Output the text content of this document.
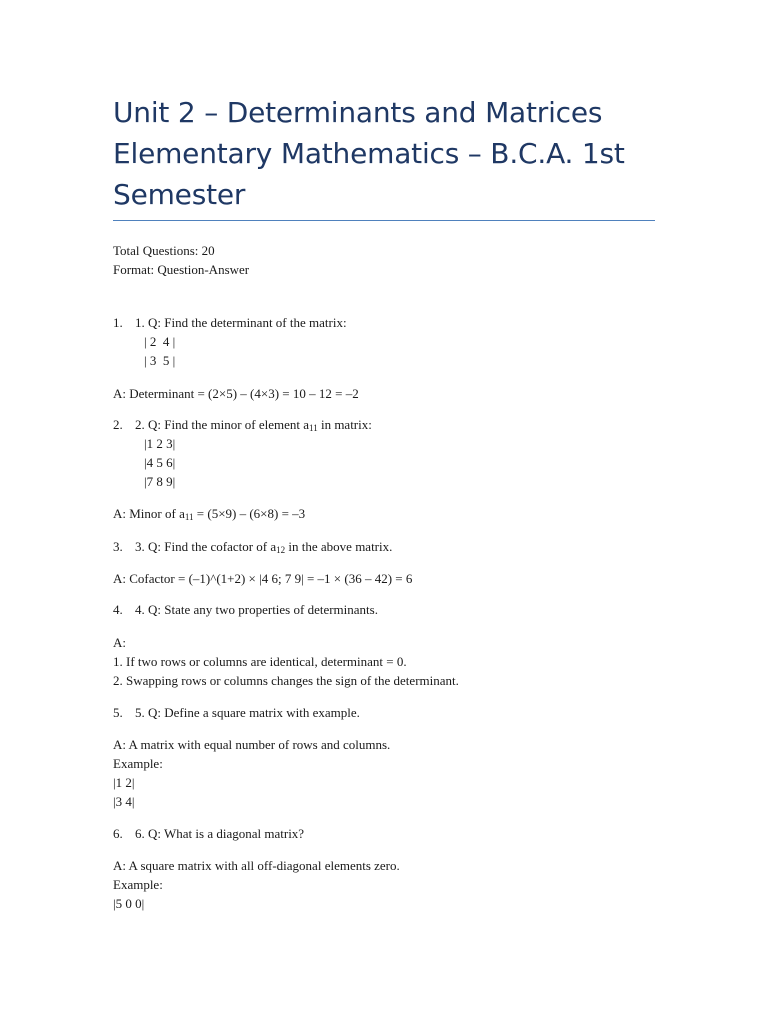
Unit 2 – Determinants and Matrices
Elementary Mathematics – B.C.A. 1st
Semester
Total Questions: 20
Format: Question-Answer
1. 1. Q: Find the determinant of the matrix:
| 2  4 |
| 3  5 |
A: Determinant = (2×5) – (4×3) = 10 – 12 = –2
2. 2. Q: Find the minor of element $a_{11}$ in matrix:
|1 2 3|
|4 5 6|
|7 8 9|
A: Minor of $a_{11} = (5\times 9) - (6\times 8) = -3$
3. 3. Q: Find the cofactor of $a_{12}$ in the above matrix.
A: Cofactor = (–1)^(1+2) × |4 6; 7 9| = –1 × (36 – 42) = 6
4. 4. Q: State any two properties of determinants.
A:
1. If two rows or columns are identical, determinant = 0.
2. Swapping rows or columns changes the sign of the determinant.
5. 5. Q: Define a square matrix with example.
A: A matrix with equal number of rows and columns.
Example:
|1 2|
|3 4|
6. 6. Q: What is a diagonal matrix?
A: A square matrix with all off-diagonal elements zero.
Example:
|5 0 0|
